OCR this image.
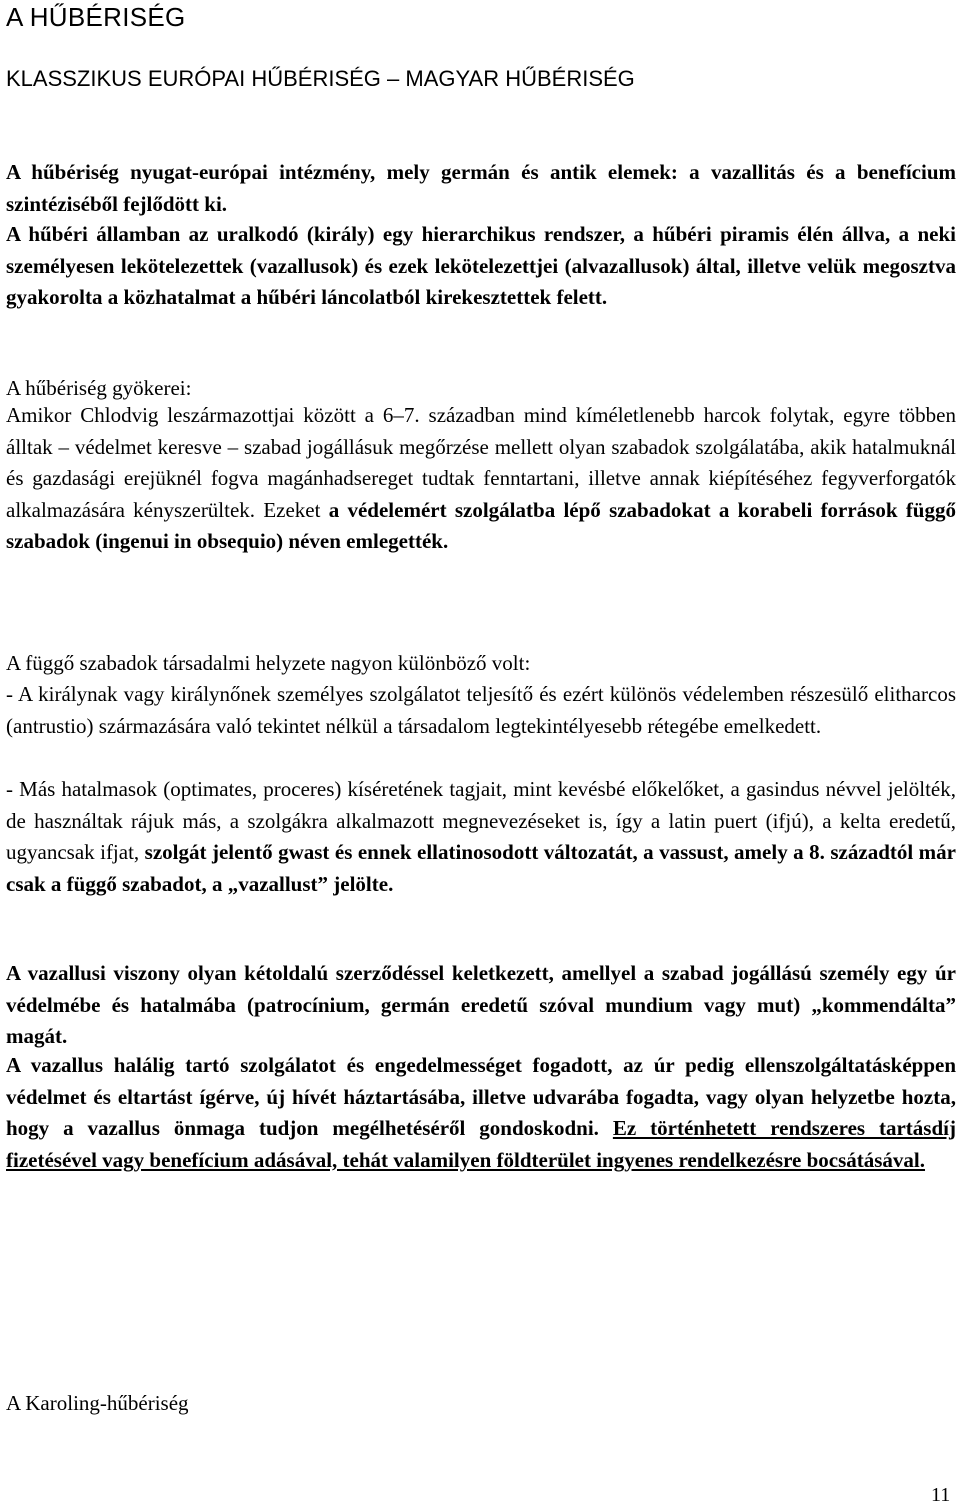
A HŰBÉRISÉG
KLASSZIKUS EURÓPAI HŰBÉRISÉG – MAGYAR HŰBÉRISÉG

A hűbériség nyugat-európai intézmény, mely germán és antik elemek: a vazallitás és a benefícium szintéziséből fejlődött ki.

A hűbéri államban az uralkodó (király) egy hierarchikus rendszer, a hűbéri piramis élén állva, a neki személyesen lekötelezettek (vazallusok) és ezek lekötelezettjei (alvazallusok) által, illetve velük megosztva gyakorolta a közhatalmat a hűbéri láncolatból kirekesztettek felett.

A hűbériség gyökerei:

Amikor Chlodvig leszármazottjai között a 6–7. században mind kíméletlenebb harcok folytak, egyre többen álltak – védelmet keresve – szabad jogállásuk megőrzése mellett olyan szabadok szolgálatába, akik hatalmuknál és gazdasági erejüknél fogva magánhadsereget tudtak fenntartani, illetve annak kiépítéséhez fegyverforgatók alkalmazására kényszerültek. Ezeket a védelemért szolgálatba lépő szabadokat a korabeli források függő szabadok (ingenui in obsequio) néven emlegették.

A függő szabadok társadalmi helyzete nagyon különböző volt:

- A királynak vagy királynőnek személyes szolgálatot teljesítő és ezért különös védelemben részesülő elitharcos (antrustio) származására való tekintet nélkül a társadalom legtekintélyesebb rétegébe emelkedett.

- Más hatalmasok (optimates, proceres) kíséretének tagjait, mint kevésbé előkelőket, a gasindus névvel jelölték, de használtak rájuk más, a szolgákra alkalmazott megnevezéseket is, így a latin puert (ifjú), a kelta eredetű, ugyancsak ifjat, szolgát jelentő gwast és ennek ellatinosodott változatát, a vassust, amely a 8. századtól már csak a függő szabadot, a „vazallust” jelölte.

A vazallusi viszony olyan kétoldalú szerződéssel keletkezett, amellyel a szabad jogállású személy egy úr védelmébe és hatalmába (patrocínium, germán eredetű szóval mundium vagy mut) „kommendálta” magát.

A vazallus halálig tartó szolgálatot és engedelmességet fogadott, az úr pedig ellenszolgáltatásképpen védelmet és eltartást ígérve, új hívét háztartásába, illetve udvarába fogadta, vagy olyan helyzetbe hozta, hogy a vazallus önmaga tudjon megélhetéséről gondoskodni. Ez történhetett rendszeres tartásdíj fizetésével vagy benefícium adásával, tehát valamilyen földterület ingyenes rendelkezésre bocsátásával.

A Karoling-hűbériség

11
